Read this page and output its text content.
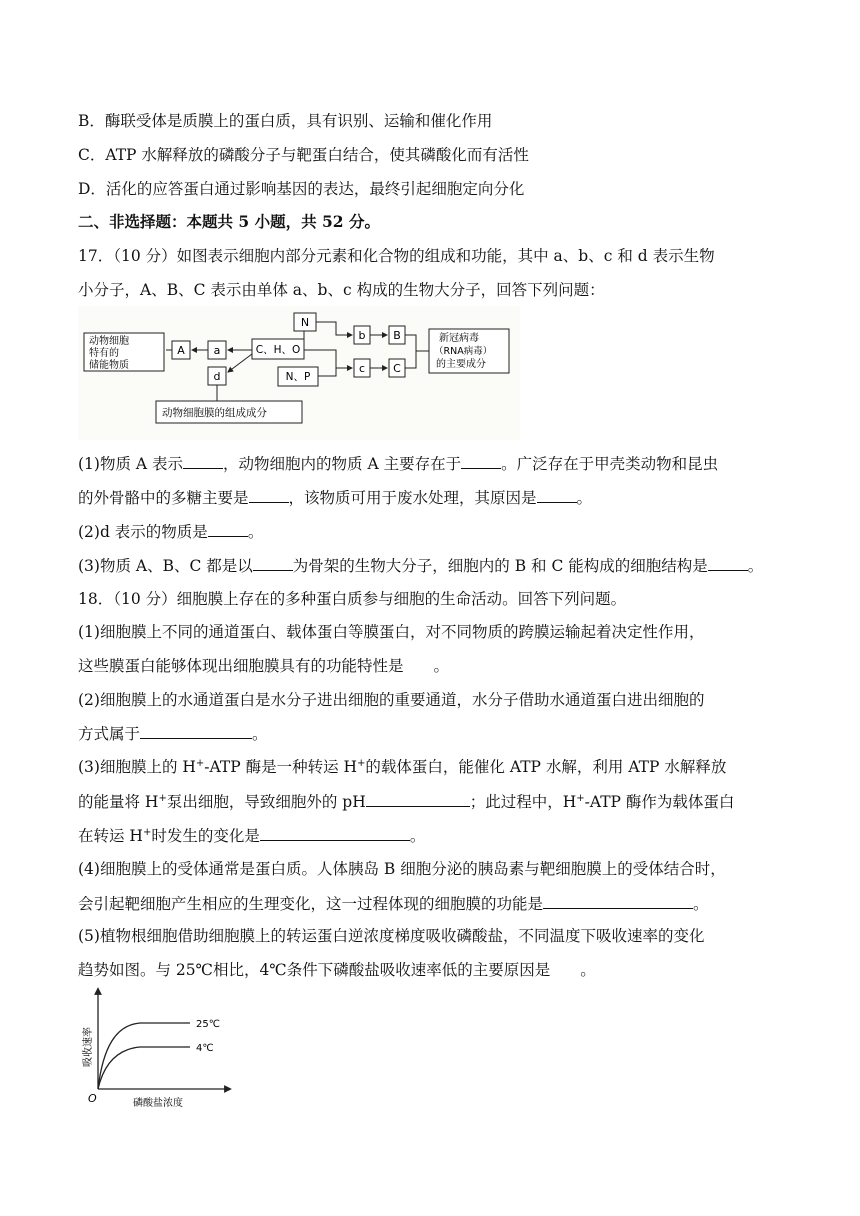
B．酶联受体是质膜上的蛋白质，具有识别、运输和催化作用
C．ATP 水解释放的磷酸分子与靶蛋白结合，使其磷酸化而有活性
D．活化的应答蛋白通过影响基因的表达，最终引起细胞定向分化
二、非选择题：本题共 5 小题，共 52 分。
17．（10 分）如图表示细胞内部分元素和化合物的组成和功能，其中 a、b、c 和 d 表示生物
小分子，A、B、C 表示由单体 a、b、c 构成的生物大分子，回答下列问题：
动物细胞
特有的
储能物质
A	a	C、H、O
N
N、P
b	B
c	C
新冠病毒
（RNA病毒）
的主要成分
d
动物细胞膜的组成成分
(1)物质 A 表示	，动物细胞内的物质 A 主要存在于	。广泛存在于甲壳类动物和昆虫
的外骨骼中的多糖主要是	，该物质可用于废水处理，其原因是	。
(2)d 表示的物质是	。
(3)物质 A、B、C 都是以	为骨架的生物大分子，细胞内的 B 和 C 能构成的细胞结构是	。
18．（10 分）细胞膜上存在的多种蛋白质参与细胞的生命活动。回答下列问题。
(1)细胞膜上不同的通道蛋白、载体蛋白等膜蛋白，对不同物质的跨膜运输起着决定性作用，
这些膜蛋白能够体现出细胞膜具有的功能特性是 。
(2)细胞膜上的水通道蛋白是水分子进出细胞的重要通道，水分子借助水通道蛋白进出细胞的
方式属于	。
(3)细胞膜上的 H+-ATP 酶是一种转运 H+的载体蛋白，能催化 ATP 水解，利用 ATP 水解释放
的能量将 H+泵出细胞，导致细胞外的 pH	；此过程中，H+-ATP 酶作为载体蛋白
在转运 H+时发生的变化是	。
(4)细胞膜上的受体通常是蛋白质。人体胰岛 B 细胞分泌的胰岛素与靶细胞膜上的受体结合时，
会引起靶细胞产生相应的生理变化，这一过程体现的细胞膜的功能是	。
(5)植物根细胞借助细胞膜上的转运蛋白逆浓度梯度吸收磷酸盐，不同温度下吸收速率的变化
趋势如图。与 25℃相比，4℃条件下磷酸盐吸收速率低的主要原因是 。
吸收速率
磷酸盐浓度
O
25℃
4℃
